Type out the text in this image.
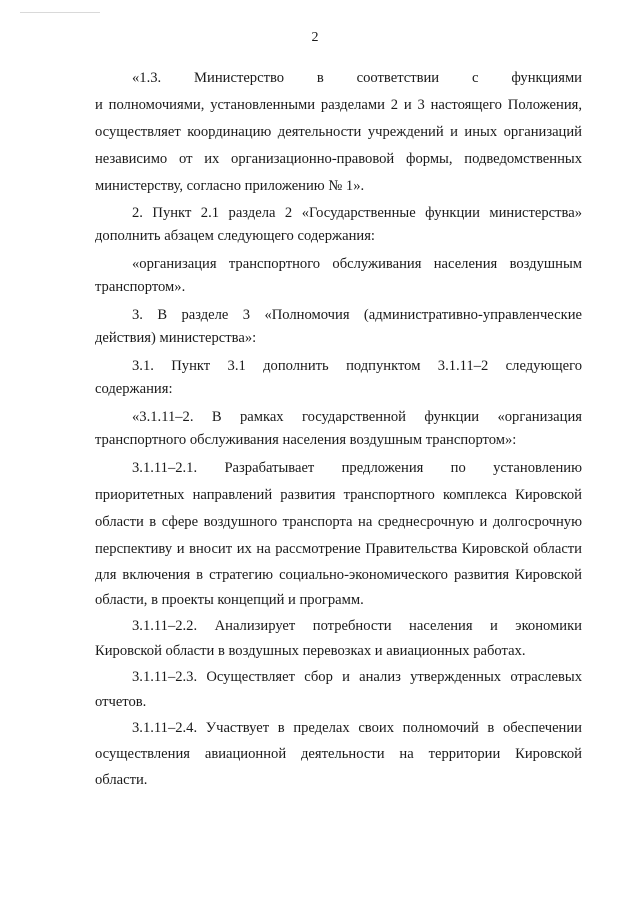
2
«1.3. Министерство в соответствии с функциями
и полномочиями, установленными разделами 2 и 3 настоящего Положения,
осуществляет координацию деятельности учреждений и иных организаций
независимо от их организационно-правовой формы, подведомственных
министерству, согласно приложению № 1».
2. Пункт 2.1 раздела 2 «Государственные функции министерства»
дополнить абзацем следующего содержания:
«организация транспортного обслуживания населения воздушным
транспортом».
3. В разделе 3 «Полномочия (административно-управленческие
действия) министерства»:
3.1. Пункт 3.1 дополнить подпунктом 3.1.11–2 следующего
содержания:
«3.1.11–2. В рамках государственной функции «организация
транспортного обслуживания населения воздушным транспортом»:
3.1.11–2.1. Разрабатывает предложения по установлению
приоритетных направлений развития транспортного комплекса Кировской
области в сфере воздушного транспорта на среднесрочную и долгосрочную
перспективу и вносит их на рассмотрение Правительства Кировской области
для включения в стратегию социально-экономического развития Кировской
области, в проекты концепций и программ.
3.1.11–2.2. Анализирует потребности населения и экономики
Кировской области в воздушных перевозках и авиационных работах.
3.1.11–2.3. Осуществляет сбор и анализ утвержденных отраслевых
отчетов.
3.1.11–2.4. Участвует в пределах своих полномочий в обеспечении
осуществления авиационной деятельности на территории Кировской
области.
